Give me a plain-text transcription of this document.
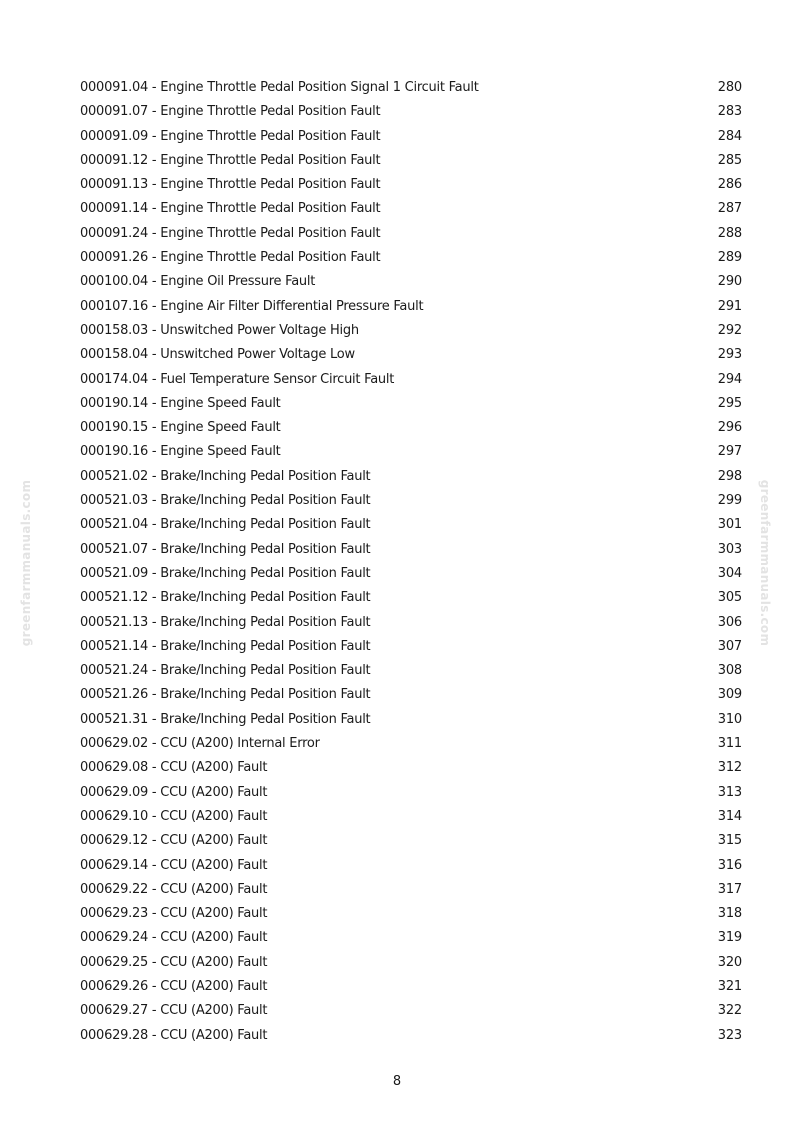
greenfarmmanuals.com	greenfarmmanuals.com
000091.04 - Engine Throttle Pedal Position Signal 1 Circuit Fault	280
000091.07 - Engine Throttle Pedal Position Fault	283
000091.09 - Engine Throttle Pedal Position Fault	284
000091.12 - Engine Throttle Pedal Position Fault	285
000091.13 - Engine Throttle Pedal Position Fault	286
000091.14 - Engine Throttle Pedal Position Fault	287
000091.24 - Engine Throttle Pedal Position Fault	288
000091.26 - Engine Throttle Pedal Position Fault	289
000100.04 - Engine Oil Pressure Fault	290
000107.16 - Engine Air Filter Differential Pressure Fault	291
000158.03 - Unswitched Power Voltage High	292
000158.04 - Unswitched Power Voltage Low	293
000174.04 - Fuel Temperature Sensor Circuit Fault	294
000190.14 - Engine Speed Fault	295
000190.15 - Engine Speed Fault	296
000190.16 - Engine Speed Fault	297
000521.02 - Brake/Inching Pedal Position Fault	298
000521.03 - Brake/Inching Pedal Position Fault	299
000521.04 - Brake/Inching Pedal Position Fault	301
000521.07 - Brake/Inching Pedal Position Fault	303
000521.09 - Brake/Inching Pedal Position Fault	304
000521.12 - Brake/Inching Pedal Position Fault	305
000521.13 - Brake/Inching Pedal Position Fault	306
000521.14 - Brake/Inching Pedal Position Fault	307
000521.24 - Brake/Inching Pedal Position Fault	308
000521.26 - Brake/Inching Pedal Position Fault	309
000521.31 - Brake/Inching Pedal Position Fault	310
000629.02 - CCU (A200) Internal Error	311
000629.08 - CCU (A200) Fault	312
000629.09 - CCU (A200) Fault	313
000629.10 - CCU (A200) Fault	314
000629.12 - CCU (A200) Fault	315
000629.14 - CCU (A200) Fault	316
000629.22 - CCU (A200) Fault	317
000629.23 - CCU (A200) Fault	318
000629.24 - CCU (A200) Fault	319
000629.25 - CCU (A200) Fault	320
000629.26 - CCU (A200) Fault	321
000629.27 - CCU (A200) Fault	322
000629.28 - CCU (A200) Fault	323
8
